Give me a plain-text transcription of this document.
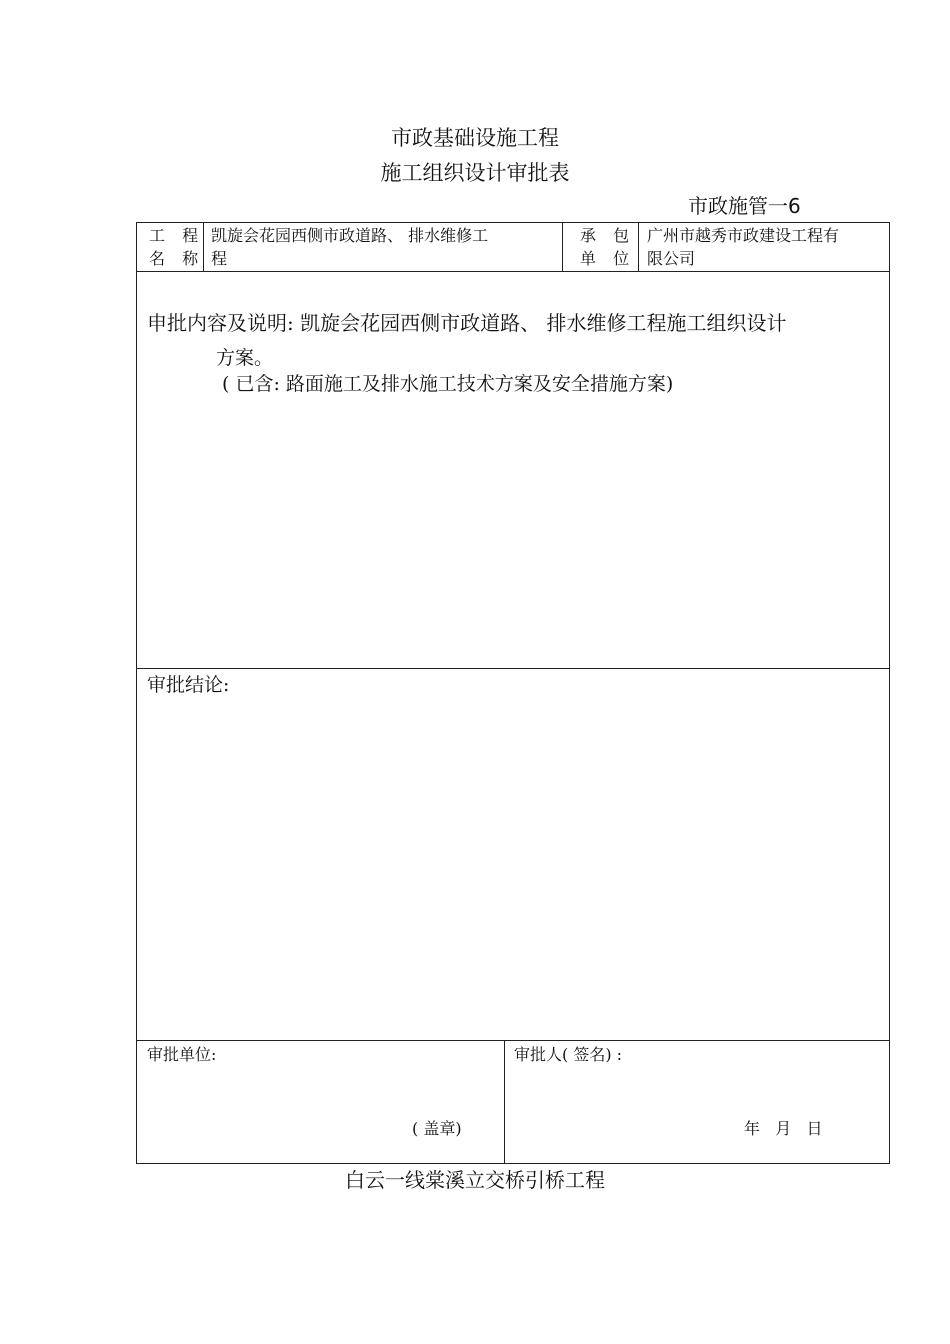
市政基础设施工程
施工组织设计审批表
市政施管一6
工 程
名 称
凯旋会花园西侧市政道路、 排水维修工
程
承 包
单 位
广州市越秀市政建设工程有
限公司
申批内容及说明: 凯旋会花园西侧市政道路、 排水维修工程施工组织设计
方案。
( 已含: 路面施工及排水施工技术方案及安全措施方案)
审批结论:
审批单位:
( 盖章)
审批人( 签名) :
年   月   日
白云一线棠溪立交桥引桥工程
